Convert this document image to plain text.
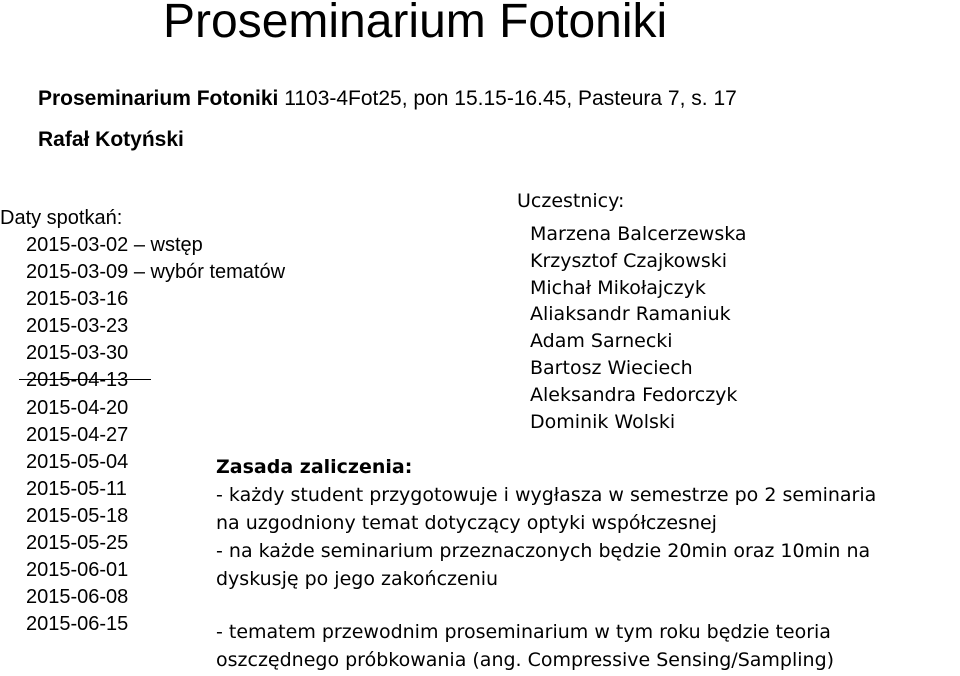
Proseminarium Fotoniki
Proseminarium Fotoniki 1103-4Fot25, pon 15.15-16.45, Pasteura 7, s. 17
Rafał Kotyński
Daty spotkań:
2015-03-02 – wstęp
2015-03-09 – wybór tematów
2015-03-16
2015-03-23
2015-03-30
2015-04-13
2015-04-20
2015-04-27
2015-05-04
2015-05-11
2015-05-18
2015-05-25
2015-06-01
2015-06-08
2015-06-15
Uczestnicy:
Marzena Balcerzewska
Krzysztof Czajkowski
Michał Mikołajczyk
Aliaksandr Ramaniuk
Adam Sarnecki
Bartosz Wieciech
Aleksandra Fedorczyk
Dominik Wolski
Zasada zaliczenia:
- każdy student przygotowuje i wygłasza w semestrze po 2 seminaria
na uzgodniony temat dotyczący optyki współczesnej
- na każde seminarium przeznaczonych będzie 20min oraz 10min na
dyskusję po jego zakończeniu
- tematem przewodnim proseminarium w tym roku będzie teoria
oszczędnego próbkowania (ang. Compressive Sensing/Sampling)
